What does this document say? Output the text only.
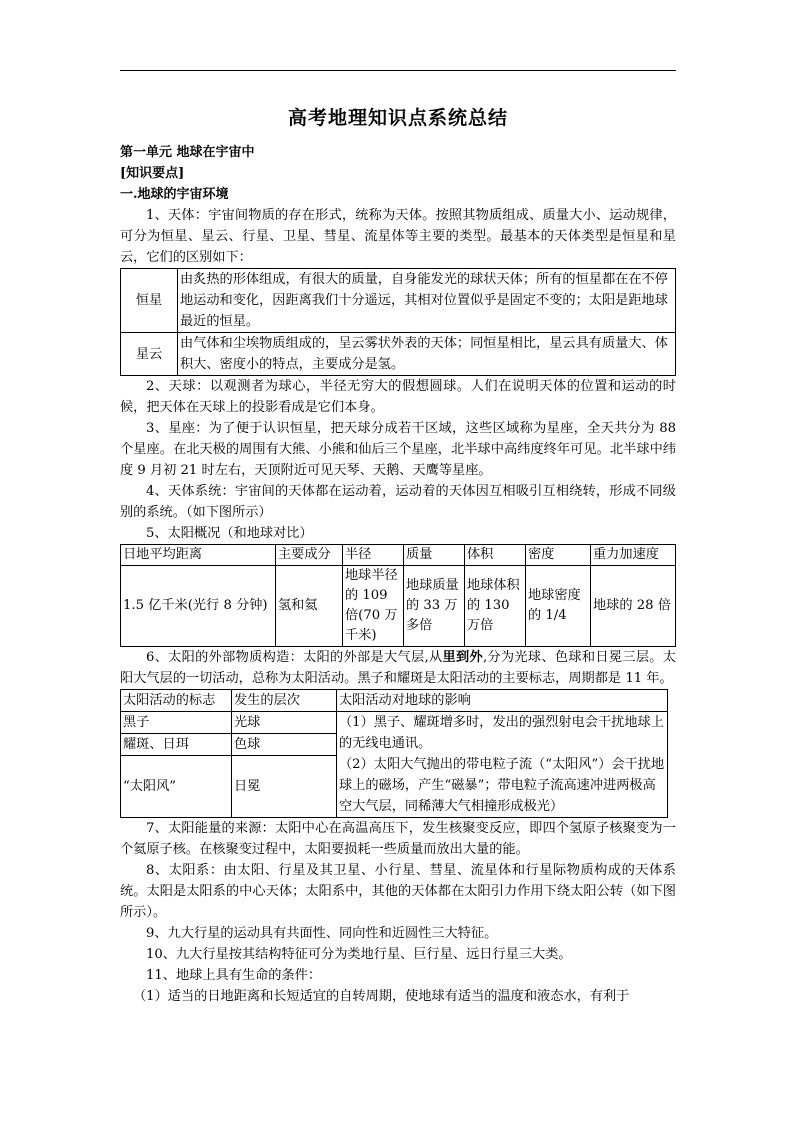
高考地理知识点系统总结
第一单元 地球在宇宙中
[知识要点]
一.地球的宇宙环境

1、天体：宇宙间物质的存在形式，统称为天体。按照其物质组成、质量大小、运动规律，可分为恒星、星云、行星、卫星、彗星、流星体等主要的类型。最基本的天体类型是恒星和星云，它们的区别如下：

恒星	由炙热的形体组成，有很大的质量，自身能发光的球状天体；所有的恒星都在在不停地运动和变化，因距离我们十分遥远，其相对位置似乎是固定不变的；太阳是距地球最近的恒星。
星云	由气体和尘埃物质组成的，呈云雾状外表的天体；同恒星相比，星云具有质量大、体积大、密度小的特点，主要成分是氢。

2、天球：以观测者为球心，半径无穷大的假想圆球。人们在说明天体的位置和运动的时候，把天体在天球上的投影看成是它们本身。

3、星座：为了便于认识恒星，把天球分成若干区域，这些区域称为星座，全天共分为 88 个星座。在北天极的周围有大熊、小熊和仙后三个星座，北半球中高纬度终年可见。北半球中纬度 9 月初 21 时左右，天顶附近可见天琴、天鹅、天鹰等星座。

4、天体系统：宇宙间的天体都在运动着，运动着的天体因互相吸引互相绕转，形成不同级别的系统。（如下图所示）

5、太阳概况（和地球对比）

日地平均距离	主要成分	半径	质量	体积	密度	重力加速度
1.5 亿千米(光行 8 分钟)	氢和氦	地球半径的 109 倍(70 万千米)	地球质量的 33 万多倍	地球体积的 130 万倍	地球密度的 1/4	地球的 28 倍

6、太阳的外部物质构造：太阳的外部是大气层,从里到外,分为光球、色球和日冕三层。太阳大气层的一切活动，总称为太阳活动。黑子和耀斑是太阳活动的主要标志，周期都是 11 年。

太阳活动的标志	发生的层次	太阳活动对地球的影响
黑子	光球	（1）黑子、耀斑增多时，发出的强烈射电会干扰地球上的无线电通讯。
（2）太阳大气抛出的带电粒子流（“太阳风”）会干扰地球上的磁场，产生“磁暴”；带电粒子流高速冲进两极高空大气层，同稀薄大气相撞形成极光）

耀斑、日珥	色球	
“太阳风”	日冕	

7、太阳能量的来源：太阳中心在高温高压下，发生核聚变反应，即四个氢原子核聚变为一个氦原子核。在核聚变过程中，太阳要损耗一些质量而放出大量的能。

8、太阳系：由太阳、行星及其卫星、小行星、彗星、流星体和行星际物质构成的天体系统。太阳是太阳系的中心天体；太阳系中，其他的天体都在太阳引力作用下绕太阳公转（如下图所示）。

9、九大行星的运动具有共面性、同向性和近圆性三大特征。

10、九大行星按其结构特征可分为类地行星、巨行星、远日行星三大类。

11、地球上具有生命的条件：

（1）适当的日地距离和长短适宜的自转周期，使地球有适当的温度和液态水，有利于
